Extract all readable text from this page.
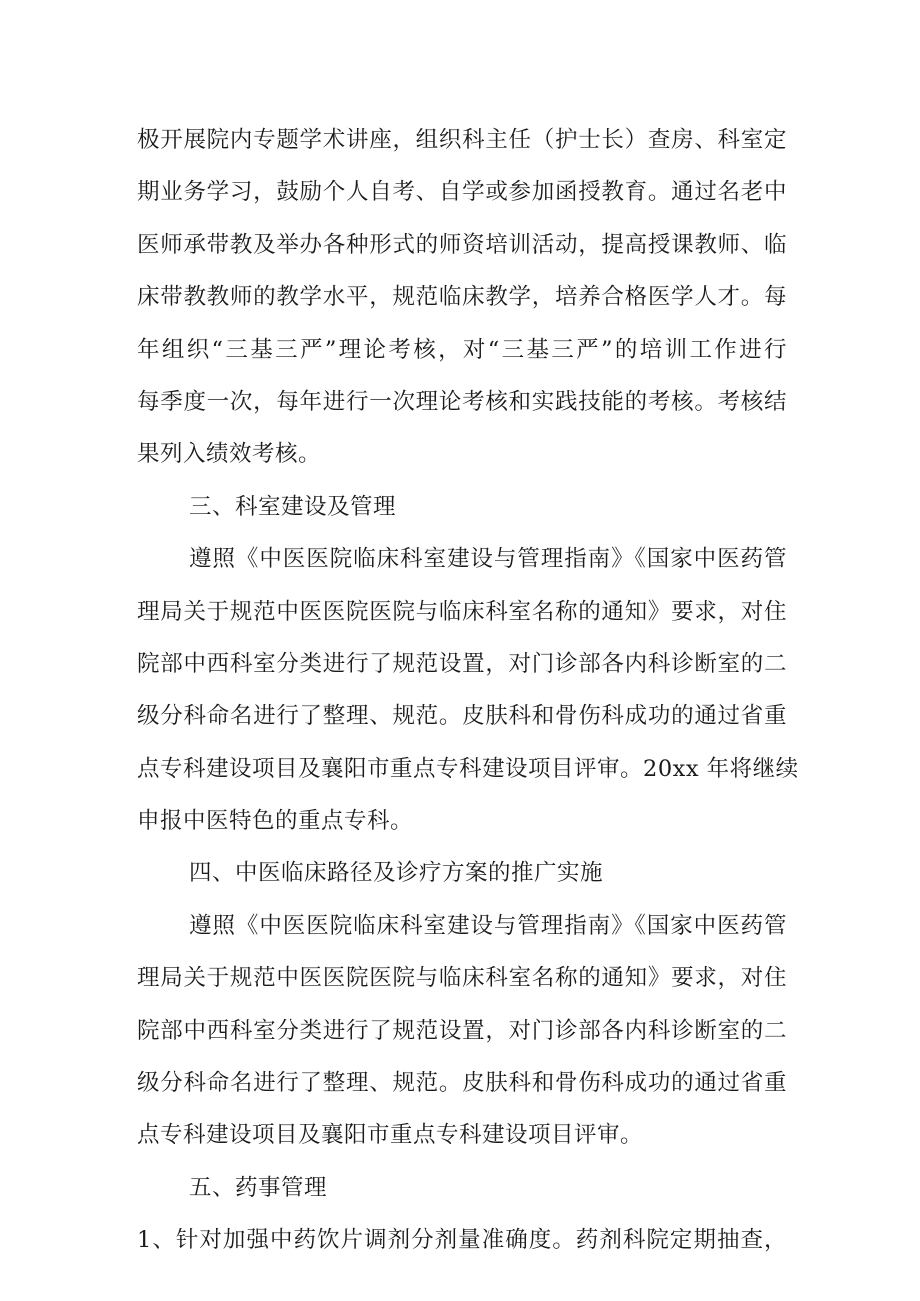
极开展院内专题学术讲座，组织科主任（护士长）查房、科室定
期业务学习，鼓励个人自考、自学或参加函授教育。通过名老中
医师承带教及举办各种形式的师资培训活动，提高授课教师、临
床带教教师的教学水平，规范临床教学，培养合格医学人才。每
年组织“三基三严”理论考核，对“三基三严”的培训工作进行
每季度一次，每年进行一次理论考核和实践技能的考核。考核结
果列入绩效考核。
三、科室建设及管理
遵照《中医医院临床科室建设与管理指南》《国家中医药管
理局关于规范中医医院医院与临床科室名称的通知》要求，对住
院部中西科室分类进行了规范设置，对门诊部各内科诊断室的二
级分科命名进行了整理、规范。皮肤科和骨伤科成功的通过省重
点专科建设项目及襄阳市重点专科建设项目评审。20xx 年将继续
申报中医特色的重点专科。
四、中医临床路径及诊疗方案的推广实施
遵照《中医医院临床科室建设与管理指南》《国家中医药管
理局关于规范中医医院医院与临床科室名称的通知》要求，对住
院部中西科室分类进行了规范设置，对门诊部各内科诊断室的二
级分科命名进行了整理、规范。皮肤科和骨伤科成功的通过省重
点专科建设项目及襄阳市重点专科建设项目评审。
五、药事管理
1、针对加强中药饮片调剂分剂量准确度。药剂科院定期抽查，
